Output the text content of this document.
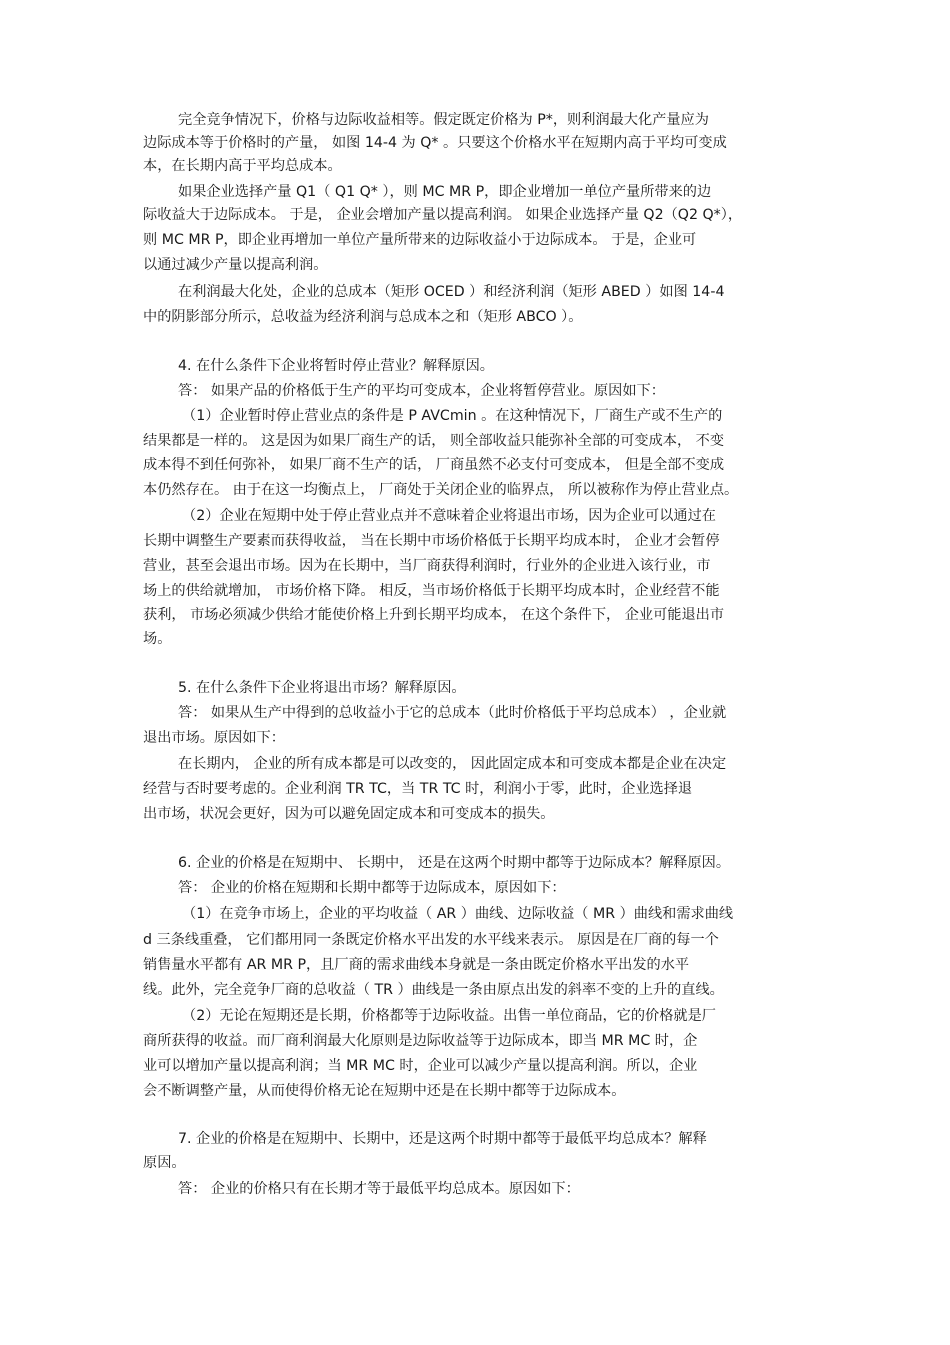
完全竞争情况下，价格与边际收益相等。假定既定价格为 P*，则利润最大化产量应为
边际成本等于价格时的产量， 如图 14-4 为 Q* 。只要这个价格水平在短期内高于平均可变成
本，在长期内高于平均总成本。
如果企业选择产量 Q1（ Q1 Q* ），则 MC MR P，即企业增加一单位产量所带来的边
际收益大于边际成本。 于是， 企业会增加产量以提高利润。 如果企业选择产量 Q2（Q2 Q*），
则 MC MR P，即企业再增加一单位产量所带来的边际收益小于边际成本。 于是，企业可
以通过减少产量以提高利润。
在利润最大化处，企业的总成本（矩形 OCED ）和经济利润（矩形 ABED ）如图 14-4
中的阴影部分所示，总收益为经济利润与总成本之和（矩形 ABCO ）。
4. 在什么条件下企业将暂时停止营业？解释原因。
答： 如果产品的价格低于生产的平均可变成本，企业将暂停营业。原因如下：
（1）企业暂时停止营业点的条件是 P AVCmin 。在这种情况下，厂商生产或不生产的
结果都是一样的。 这是因为如果厂商生产的话， 则全部收益只能弥补全部的可变成本， 不变
成本得不到任何弥补， 如果厂商不生产的话， 厂商虽然不必支付可变成本， 但是全部不变成
本仍然存在。 由于在这一均衡点上， 厂商处于关闭企业的临界点， 所以被称作为停止营业点。
（2）企业在短期中处于停止营业点并不意味着企业将退出市场，因为企业可以通过在
长期中调整生产要素而获得收益， 当在长期中市场价格低于长期平均成本时， 企业才会暂停
营业，甚至会退出市场。因为在长期中，当厂商获得利润时，行业外的企业进入该行业，市
场上的供给就增加， 市场价格下降。 相反，当市场价格低于长期平均成本时，企业经营不能
获利， 市场必须减少供给才能使价格上升到长期平均成本， 在这个条件下， 企业可能退出市
场。
5. 在什么条件下企业将退出市场？解释原因。
答： 如果从生产中得到的总收益小于它的总成本（此时价格低于平均总成本） ，企业就
退出市场。原因如下：
在长期内， 企业的所有成本都是可以改变的， 因此固定成本和可变成本都是企业在决定
经营与否时要考虑的。企业利润 TR TC，当 TR TC 时，利润小于零，此时，企业选择退
出市场，状况会更好，因为可以避免固定成本和可变成本的损失。
6. 企业的价格是在短期中、 长期中， 还是在这两个时期中都等于边际成本？解释原因。
答： 企业的价格在短期和长期中都等于边际成本，原因如下：
（1）在竞争市场上，企业的平均收益（ AR ）曲线、边际收益（ MR ）曲线和需求曲线
d 三条线重叠， 它们都用同一条既定价格水平出发的水平线来表示。 原因是在厂商的每一个
销售量水平都有 AR MR P，且厂商的需求曲线本身就是一条由既定价格水平出发的水平
线。此外，完全竞争厂商的总收益（ TR ）曲线是一条由原点出发的斜率不变的上升的直线。
（2）无论在短期还是长期，价格都等于边际收益。出售一单位商品，它的价格就是厂
商所获得的收益。而厂商利润最大化原则是边际收益等于边际成本，即当 MR MC 时，企
业可以增加产量以提高利润；当 MR MC 时，企业可以减少产量以提高利润。所以，企业
会不断调整产量，从而使得价格无论在短期中还是在长期中都等于边际成本。
7. 企业的价格是在短期中、长期中，还是这两个时期中都等于最低平均总成本？解释
原因。
答： 企业的价格只有在长期才等于最低平均总成本。原因如下：
